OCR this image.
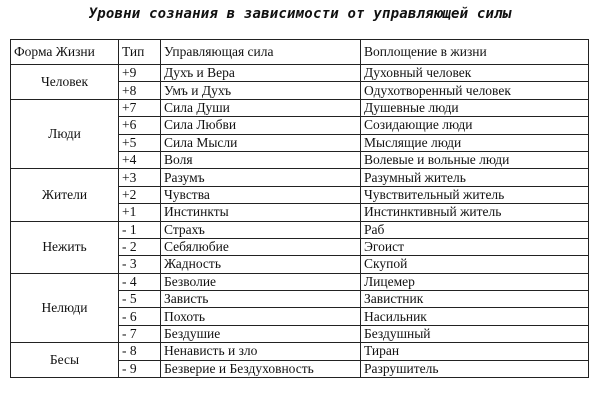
Уровни сознания в зависимости от управляющей силы
Форма Жизни	Тип	Управляющая сила	Воплощение в жизни
Человек	+9	Духъ и Вера	Духовный человек
	+8	Умъ и Духъ	Одухотворенный человек
Люди	+7	Сила Души	Душевные люди
	+6	Сила Любви	Созидающие люди
	+5	Сила Мысли	Мыслящие люди
	+4	Воля	Волевые и вольные люди
Жители	+3	Разумъ	Разумный житель
	+2	Чувства	Чувствительный житель
	+1	Инстинкты	Инстинктивный житель
Нежить	- 1	Страхъ	Раб
	- 2	Себялюбие	Эгоист
	- 3	Жадность	Скупой
Нелюди	- 4	Безволие	Лицемер
	- 5	Зависть	Завистник
	- 6	Похоть	Насильник
	- 7	Бездушие	Бездушный
Бесы	- 8	Ненависть и зло	Тиран
	- 9	Безверие и Бездуховность	Разрушитель
